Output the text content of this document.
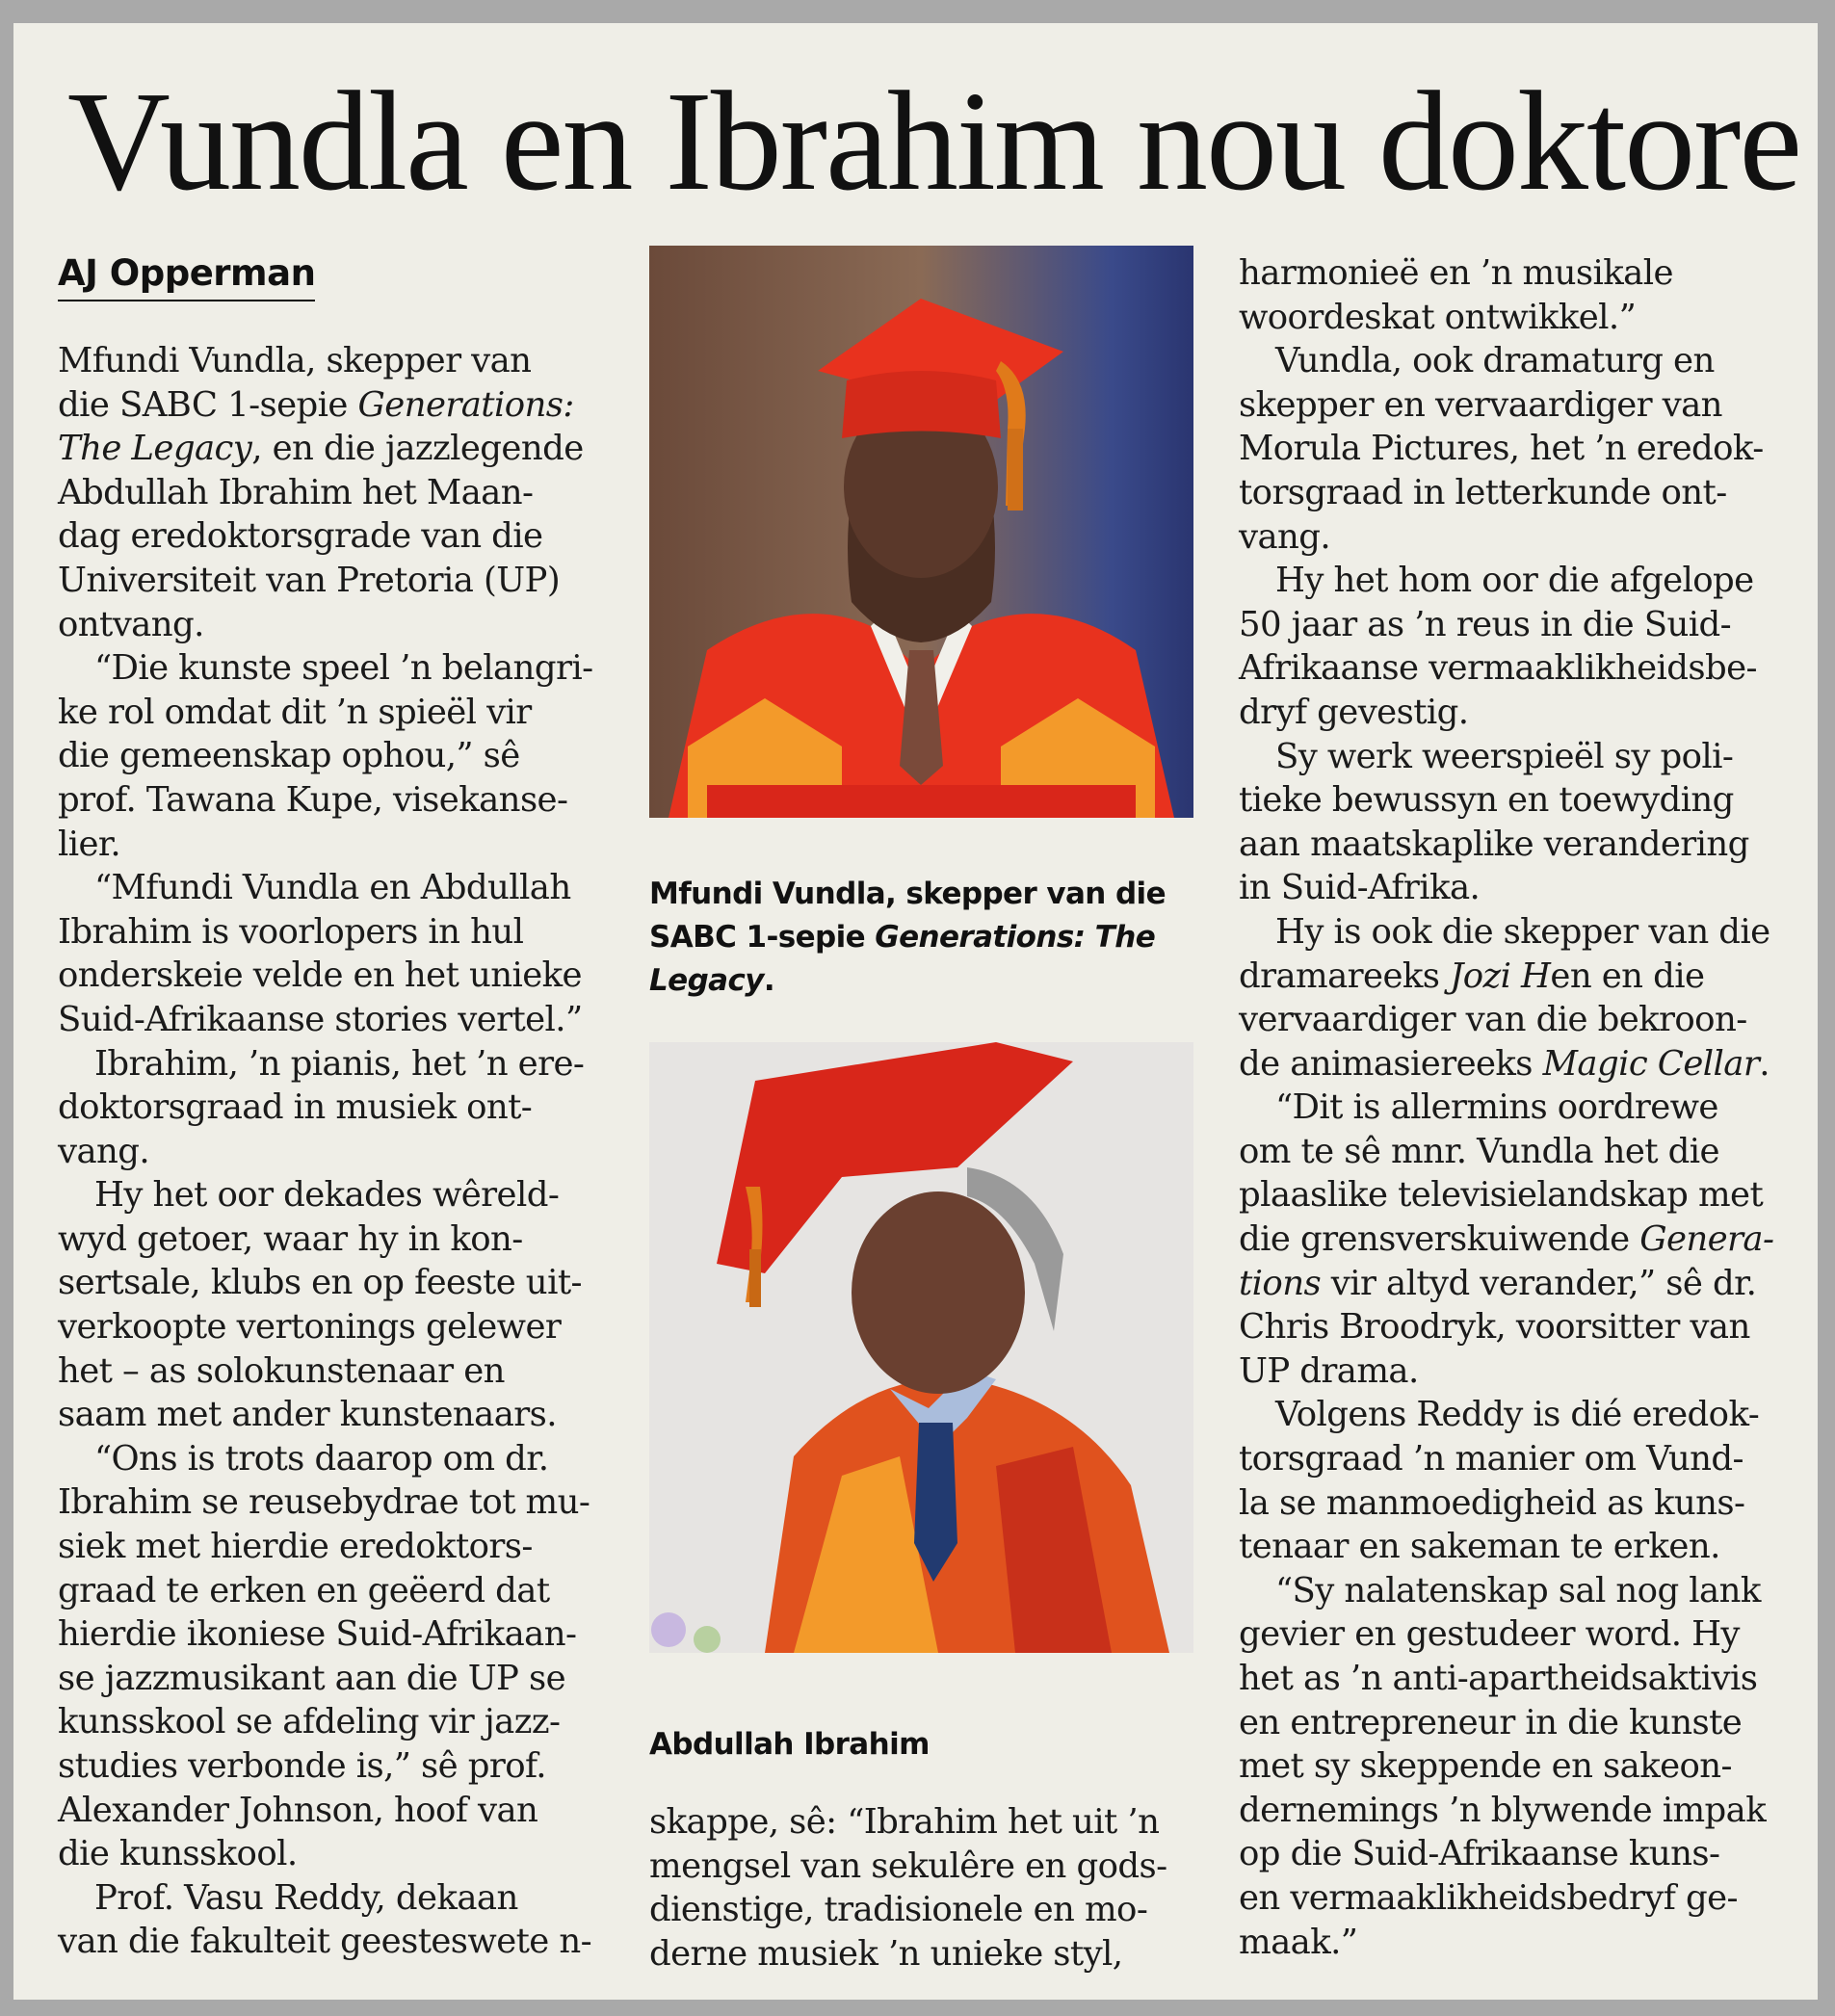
Vundla en Ibrahim nou doktore
AJ Opperman
Mfundi Vundla, skepper van
die SABC 1-sepie Generations:
The Legacy, en die jazzlegende
Abdullah Ibrahim het Maan-
dag eredoktorsgrade van die
Universiteit van Pretoria (UP)
ontvang.
“Die kunste speel ’n belangri-
ke rol omdat dit ’n spieël vir
die gemeenskap ophou,” sê
prof. Tawana Kupe, visekanse-
lier.
“Mfundi Vundla en Abdullah
Ibrahim is voorlopers in hul
onderskeie velde en het unieke
Suid-Afrikaanse stories vertel.”
Ibrahim, ’n pianis, het ’n ere-
doktorsgraad in musiek ont-
vang.
Hy het oor dekades wêreld-
wyd getoer, waar hy in kon-
sertsale, klubs en op feeste uit-
verkoopte vertonings gelewer
het – as solokunstenaar en
saam met ander kunstenaars.
“Ons is trots daarop om dr.
Ibrahim se reusebydrae tot mu-
siek met hierdie eredoktors-
graad te erken en geëerd dat
hierdie ikoniese Suid-Afrikaan-
se jazzmusikant aan die UP se
kunsskool se afdeling vir jazz-
studies verbonde is,” sê prof.
Alexander Johnson, hoof van
die kunsskool.
Prof. Vasu Reddy, dekaan
van die fakulteit geesteswete n-
Mfundi Vundla, skepper van die
SABC 1-sepie Generations: The
Legacy.
Abdullah Ibrahim
skappe, sê: “Ibrahim het uit ’n
mengsel van sekulêre en gods-
dienstige, tradisionele en mo-
derne musiek ’n unieke styl,
harmonieë en ’n musikale
woordeskat ontwikkel.”
Vundla, ook dramaturg en
skepper en vervaardiger van
Morula Pictures, het ’n eredok-
torsgraad in letterkunde ont-
vang.
Hy het hom oor die afgelope
50 jaar as ’n reus in die Suid-
Afrikaanse vermaaklikheidsbe-
dryf gevestig.
Sy werk weerspieël sy poli-
tieke bewussyn en toewyding
aan maatskaplike verandering
in Suid-Afrika.
Hy is ook die skepper van die
dramareeks Jozi Hen en die
vervaardiger van die bekroon-
de animasiereeks Magic Cellar.
“Dit is allermins oordrewe
om te sê mnr. Vundla het die
plaaslike televisielandskap met
die grensverskuiwende Genera-
tions vir altyd verander,” sê dr.
Chris Broodryk, voorsitter van
UP drama.
Volgens Reddy is dié eredok-
torsgraad ’n manier om Vund-
la se manmoedigheid as kuns-
tenaar en sakeman te erken.
“Sy nalatenskap sal nog lank
gevier en gestudeer word. Hy
het as ’n anti-apartheidsaktivis
en entrepreneur in die kunste
met sy skeppende en sakeon-
dernemings ’n blywende impak
op die Suid-Afrikaanse kuns-
en vermaaklikheidsbedryf ge-
maak.”
